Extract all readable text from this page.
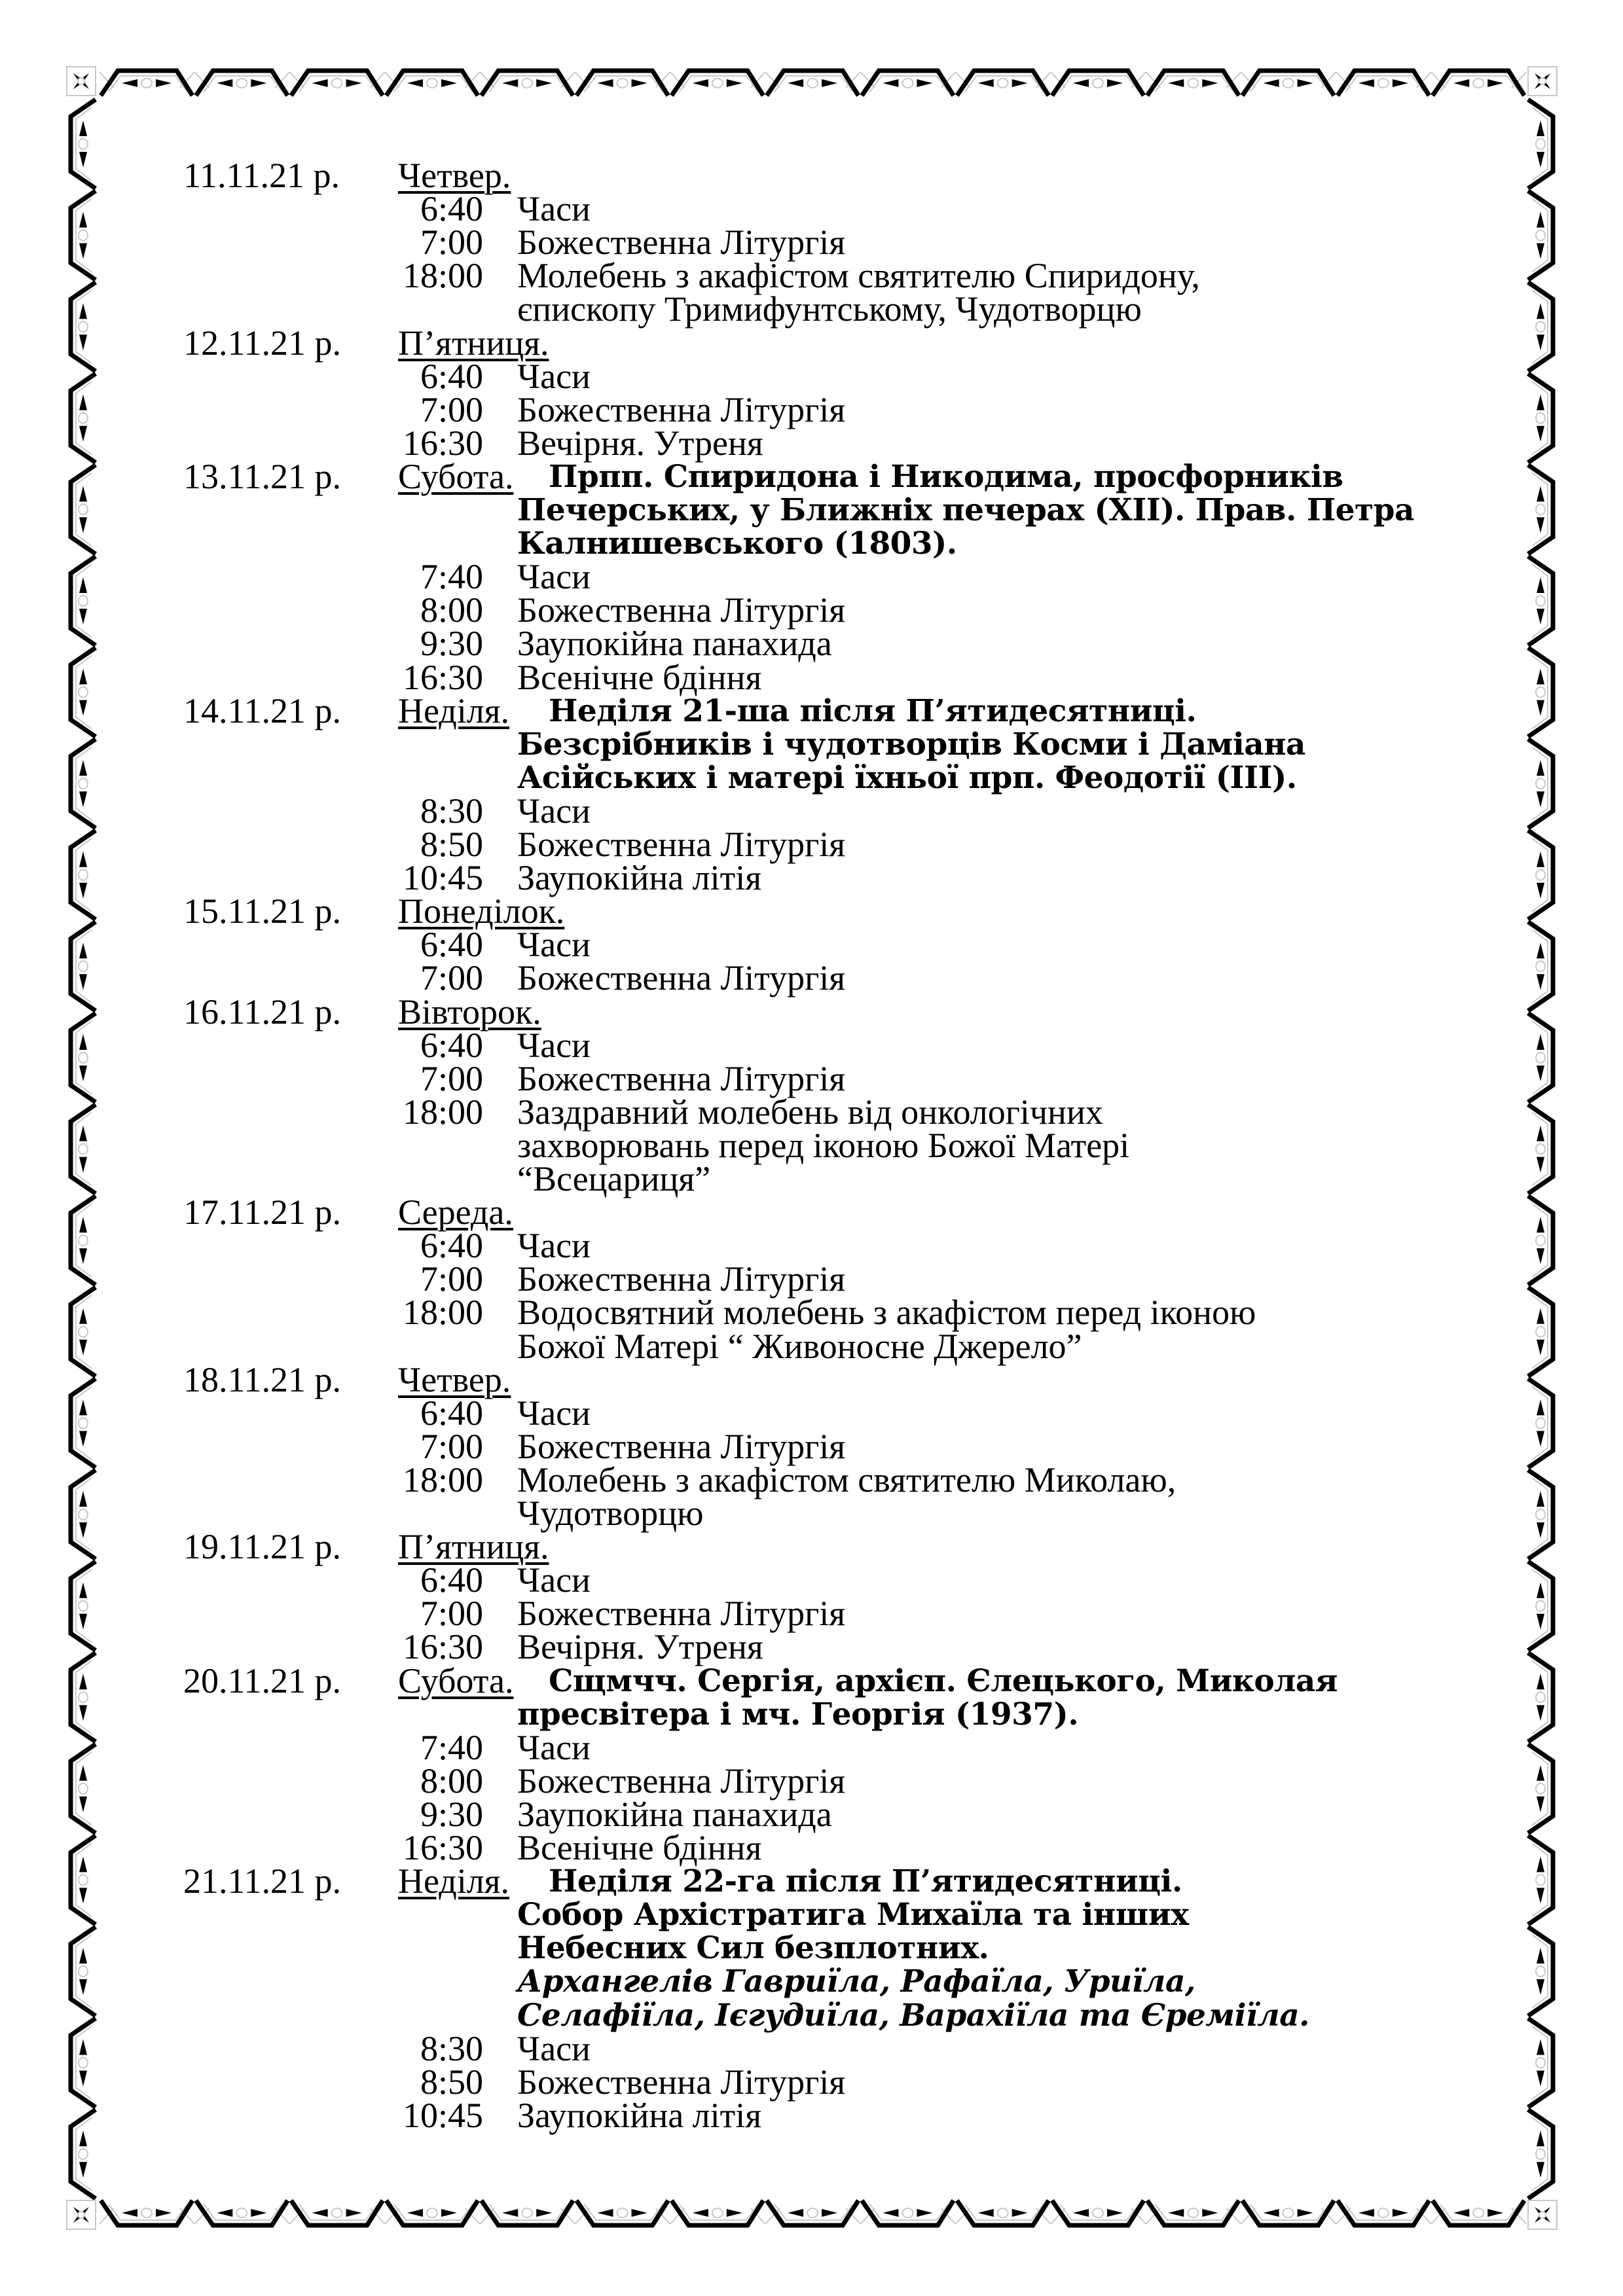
11.11.21 р. Четвер.
6:40 Часи
7:00 Божественна Літургія
18:00 Молебень з акафістом святителю Спиридону,
єпископу Тримифунтському, Чудотворцю
12.11.21 р. П’ятниця.
6:40 Часи
7:00 Божественна Літургія
16:30 Вечірня. Утреня
13.11.21 р. Субота. Прпп. Спиридона і Никодима, просфорників
Печерських, у Ближніх печерах (XII). Прав. Петра
Калнишевського (1803).
7:40 Часи
8:00 Божественна Літургія
9:30 Заупокійна панахида
16:30 Всенічне бдіння
14.11.21 р. Неділя. Неділя 21-ша після П’ятидесятниці.
Безсрібників і чудотворців Косми і Даміана
Асійських і матері їхньої прп. Феодотії (III).
8:30 Часи
8:50 Божественна Літургія
10:45 Заупокійна літія
15.11.21 р. Понеділок.
6:40 Часи
7:00 Божественна Літургія
16.11.21 р. Вівторок.
6:40 Часи
7:00 Божественна Літургія
18:00 Заздравний молебень від онкологічних
захворювань перед іконою Божої Матері
“Всецариця”
17.11.21 р. Середа.
6:40 Часи
7:00 Божественна Літургія
18:00 Водосвятний молебень з акафістом перед іконою
Божої Матері “ Живоносне Джерело”
18.11.21 р. Четвер.
6:40 Часи
7:00 Божественна Літургія
18:00 Молебень з акафістом святителю Миколаю,
Чудотворцю
19.11.21 р. П’ятниця.
6:40 Часи
7:00 Божественна Літургія
16:30 Вечірня. Утреня
20.11.21 р. Субота. Сщмчч. Сергія, архієп. Єлецького, Миколая
пресвітера і мч. Георгія (1937).
7:40 Часи
8:00 Божественна Літургія
9:30 Заупокійна панахида
16:30 Всенічне бдіння
21.11.21 р. Неділя. Неділя 22-га після П’ятидесятниці.
Собор Архістратига Михаїла та інших
Небесних Сил безплотних.
Архангелів Гавриїла, Рафаїла, Уриїла,
Селафіїла, Ієгудиїла, Варахіїла та Єреміїла.
8:30 Часи
8:50 Божественна Літургія
10:45 Заупокійна літія
